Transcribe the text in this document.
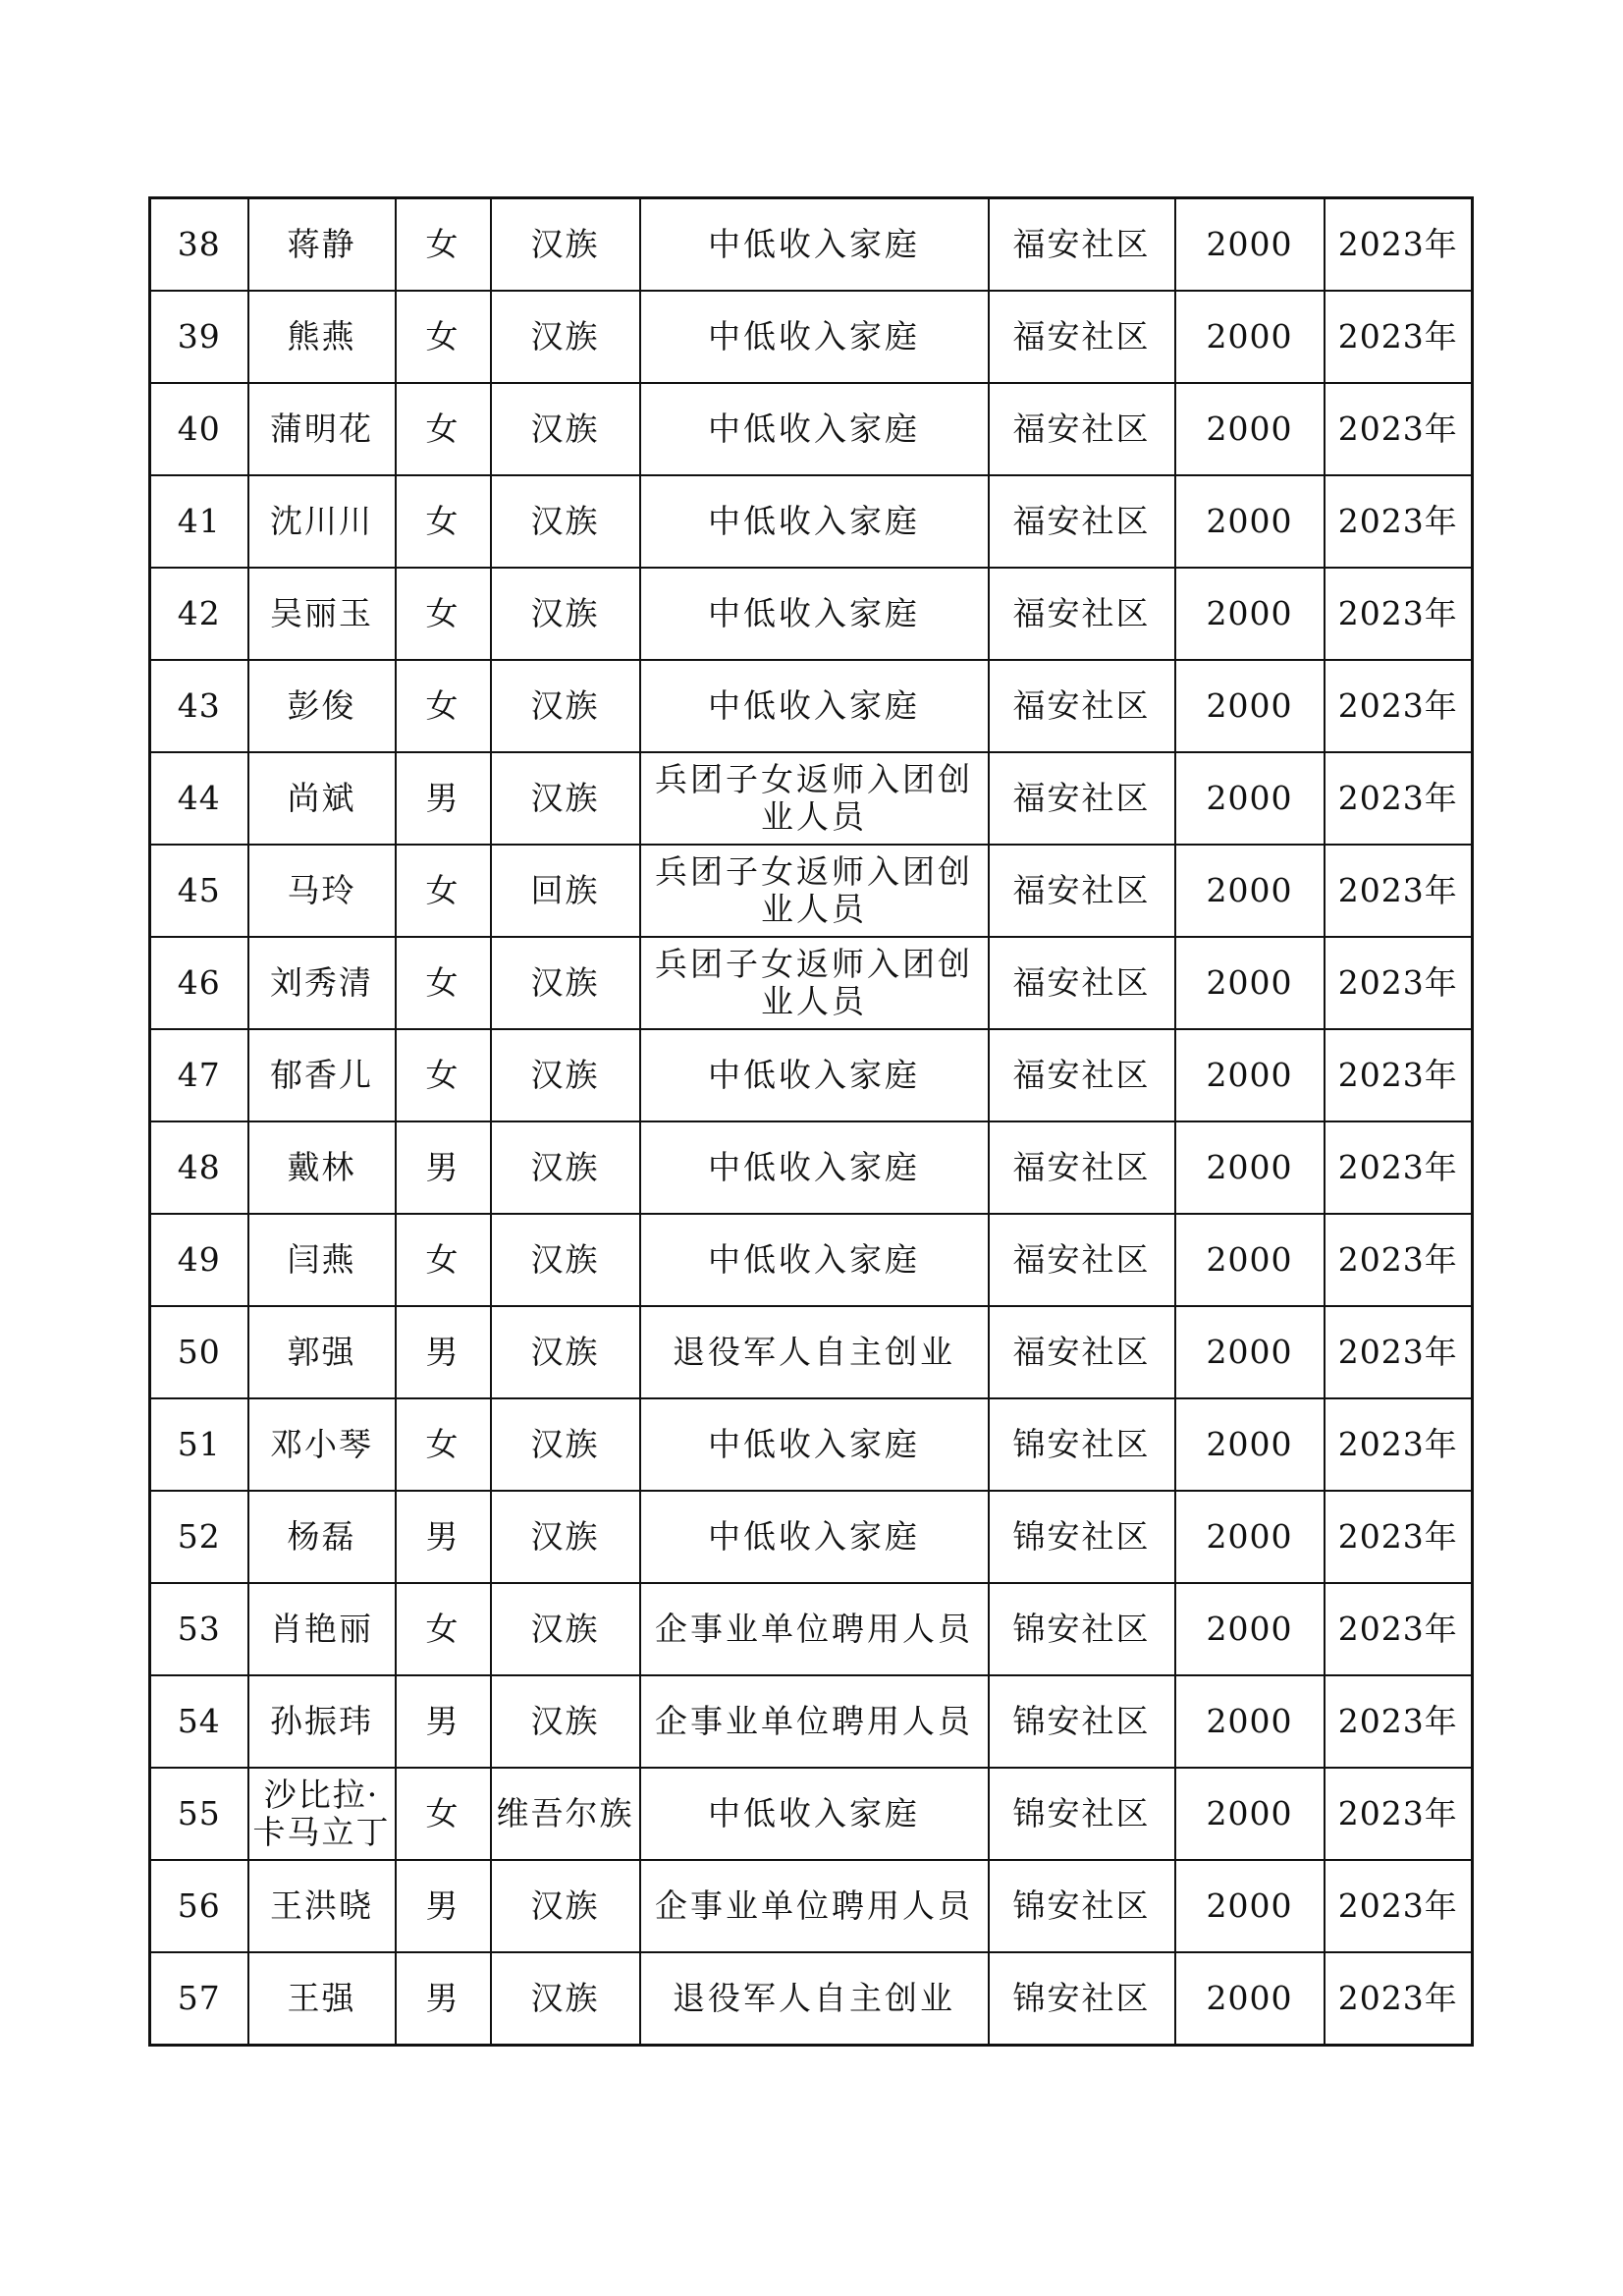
38	蒋静	女	汉族	中低收入家庭	福安社区	2000	2023年
39	熊燕	女	汉族	中低收入家庭	福安社区	2000	2023年
40	蒲明花	女	汉族	中低收入家庭	福安社区	2000	2023年
41	沈川川	女	汉族	中低收入家庭	福安社区	2000	2023年
42	吴丽玉	女	汉族	中低收入家庭	福安社区	2000	2023年
43	彭俊	女	汉族	中低收入家庭	福安社区	2000	2023年
44	尚斌	男	汉族	兵团子女返师入团创业人员	福安社区	2000	2023年
45	马玲	女	回族	兵团子女返师入团创业人员	福安社区	2000	2023年
46	刘秀清	女	汉族	兵团子女返师入团创业人员	福安社区	2000	2023年
47	郁香儿	女	汉族	中低收入家庭	福安社区	2000	2023年
48	戴林	男	汉族	中低收入家庭	福安社区	2000	2023年
49	闫燕	女	汉族	中低收入家庭	福安社区	2000	2023年
50	郭强	男	汉族	退役军人自主创业	福安社区	2000	2023年
51	邓小琴	女	汉族	中低收入家庭	锦安社区	2000	2023年
52	杨磊	男	汉族	中低收入家庭	锦安社区	2000	2023年
53	肖艳丽	女	汉族	企事业单位聘用人员	锦安社区	2000	2023年
54	孙振玮	男	汉族	企事业单位聘用人员	锦安社区	2000	2023年
55	沙比拉·卡马立丁	女	维吾尔族	中低收入家庭	锦安社区	2000	2023年
56	王洪晓	男	汉族	企事业单位聘用人员	锦安社区	2000	2023年
57	王强	男	汉族	退役军人自主创业	锦安社区	2000	2023年
